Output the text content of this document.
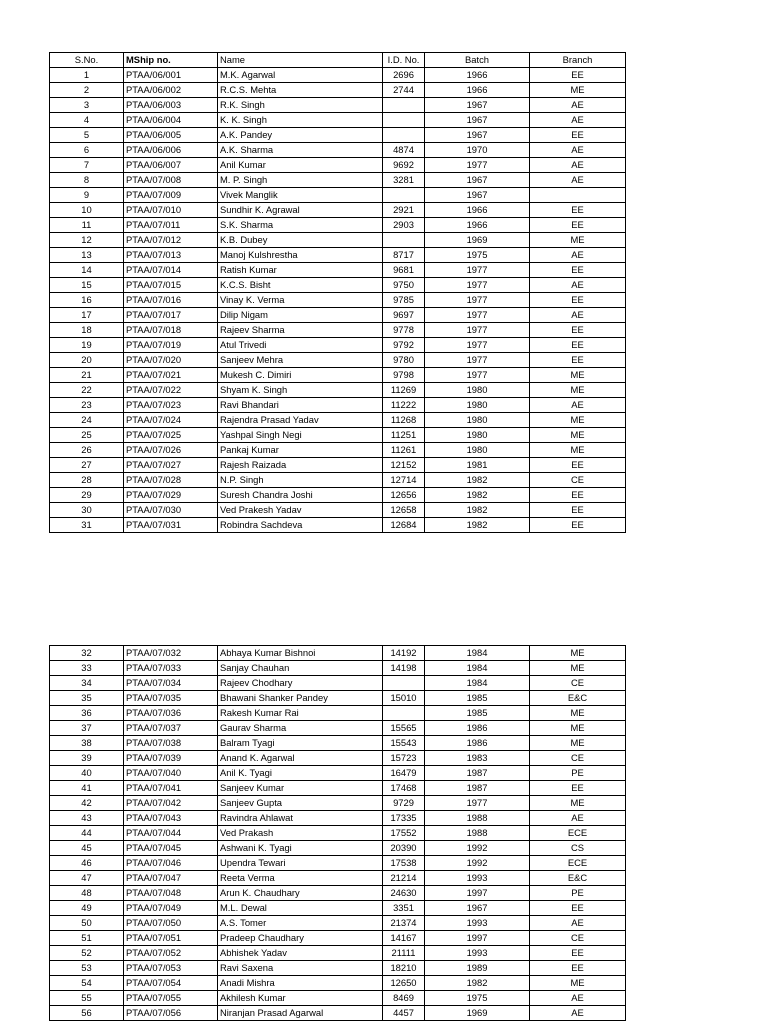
S.No.	MShip no.	Name	I.D. No.	Batch	Branch
1	PTAA/06/001	M.K. Agarwal	2696	1966	EE
2	PTAA/06/002	R.C.S. Mehta	2744	1966	ME
3	PTAA/06/003	R.K. Singh		1967	AE
4	PTAA/06/004	K. K. Singh		1967	AE
5	PTAA/06/005	A.K. Pandey		1967	EE
6	PTAA/06/006	A.K. Sharma	4874	1970	AE
7	PTAA/06/007	Anil Kumar	9692	1977	AE
8	PTAA/07/008	M. P. Singh	3281	1967	AE
9	PTAA/07/009	Vivek Manglik		1967	
10	PTAA/07/010	Sundhir K. Agrawal	2921	1966	EE
11	PTAA/07/011	S.K. Sharma	2903	1966	EE
12	PTAA/07/012	K.B. Dubey		1969	ME
13	PTAA/07/013	Manoj Kulshrestha	8717	1975	AE
14	PTAA/07/014	Ratish Kumar	9681	1977	EE
15	PTAA/07/015	K.C.S. Bisht	9750	1977	AE
16	PTAA/07/016	Vinay K. Verma	9785	1977	EE
17	PTAA/07/017	Dilip Nigam	9697	1977	AE
18	PTAA/07/018	Rajeev Sharma	9778	1977	EE
19	PTAA/07/019	Atul Trivedi	9792	1977	EE
20	PTAA/07/020	Sanjeev Mehra	9780	1977	EE
21	PTAA/07/021	Mukesh C. Dimiri	9798	1977	ME
22	PTAA/07/022	Shyam K. Singh	11269	1980	ME
23	PTAA/07/023	Ravi Bhandari	11222	1980	AE
24	PTAA/07/024	Rajendra Prasad Yadav	11268	1980	ME
25	PTAA/07/025	Yashpal Singh Negi	11251	1980	ME
26	PTAA/07/026	Pankaj Kumar	11261	1980	ME
27	PTAA/07/027	Rajesh Raizada	12152	1981	EE
28	PTAA/07/028	N.P. Singh	12714	1982	CE
29	PTAA/07/029	Suresh Chandra Joshi	12656	1982	EE
30	PTAA/07/030	Ved Prakesh Yadav	12658	1982	EE
31	PTAA/07/031	Robindra Sachdeva	12684	1982	EE
32	PTAA/07/032	Abhaya Kumar Bishnoi	14192	1984	ME
33	PTAA/07/033	Sanjay Chauhan	14198	1984	ME
34	PTAA/07/034	Rajeev Chodhary		1984	CE
35	PTAA/07/035	Bhawani Shanker Pandey	15010	1985	E&C
36	PTAA/07/036	Rakesh Kumar Rai		1985	ME
37	PTAA/07/037	Gaurav Sharma	15565	1986	ME
38	PTAA/07/038	Balram Tyagi	15543	1986	ME
39	PTAA/07/039	Anand K. Agarwal	15723	1983	CE
40	PTAA/07/040	Anil K. Tyagi	16479	1987	PE
41	PTAA/07/041	Sanjeev Kumar	17468	1987	EE
42	PTAA/07/042	Sanjeev Gupta	9729	1977	ME
43	PTAA/07/043	Ravindra Ahlawat	17335	1988	AE
44	PTAA/07/044	Ved Prakash	17552	1988	ECE
45	PTAA/07/045	Ashwani K. Tyagi	20390	1992	CS
46	PTAA/07/046	Upendra Tewari	17538	1992	ECE
47	PTAA/07/047	Reeta Verma	21214	1993	E&C
48	PTAA/07/048	Arun K. Chaudhary	24630	1997	PE
49	PTAA/07/049	M.L. Dewal	3351	1967	EE
50	PTAA/07/050	A.S. Tomer	21374	1993	AE
51	PTAA/07/051	Pradeep Chaudhary	14167	1997	CE
52	PTAA/07/052	Abhishek Yadav	21111	1993	EE
53	PTAA/07/053	Ravi Saxena	18210	1989	EE
54	PTAA/07/054	Anadi Mishra	12650	1982	ME
55	PTAA/07/055	Akhilesh Kumar	8469	1975	AE
56	PTAA/07/056	Niranjan Prasad Agarwal	4457	1969	AE
